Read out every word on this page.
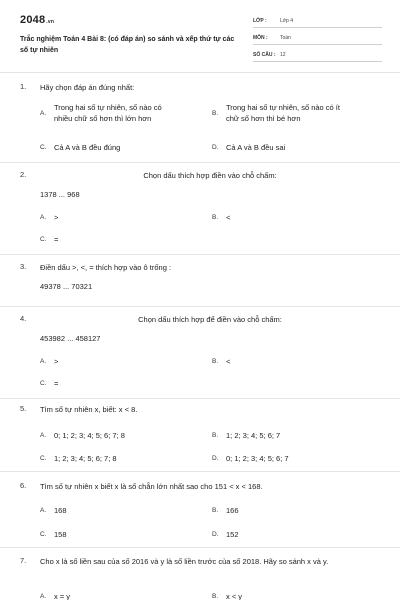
2048.vn
Trắc nghiệm Toán 4 Bài 8: (có đáp án) so sánh và xếp thứ tự các số tự nhiên
LỚP :	Lớp 4
MÔN :	Toán
SỐ CÂU : 12
1. Hãy chọn đáp án đúng nhất:
A.
Trong hai số tự nhiên, số nào có
nhiều chữ số hơn thì lớn hơn
B.
Trong hai số tự nhiên, số nào có ít
chữ số hơn thì bé hơn
C. Cả A và B đều đúng	D. Cả A và B đều sai
2.	Chọn dấu thích hợp điền vào chỗ chấm:
1378 ... 968
A. >	B. <
C. =
3. Điền dấu >, <, = thích hợp vào ô trống :
49378 ... 70321
4.	Chọn dấu thích hợp để điền vào chỗ chấm:
453982 ... 458127
A. >	B. <
C. =
5. Tìm số tự nhiên x, biết: x < 8.
A. 0; 1; 2; 3; 4; 5; 6; 7; 8	B. 1; 2; 3; 4; 5; 6; 7
C. 1; 2; 3; 4; 5; 6; 7; 8	D. 0; 1; 2; 3; 4; 5; 6; 7
6. Tìm số tự nhiên x biết x là số chẵn lớn nhất sao cho 151 < x < 168.
A. 168	B. 166
C. 158	D. 152
7. Cho x là số liền sau của số 2016 và y là số liền trước của số 2018. Hãy so sánh x và y.
A. x = y	B. x < y
